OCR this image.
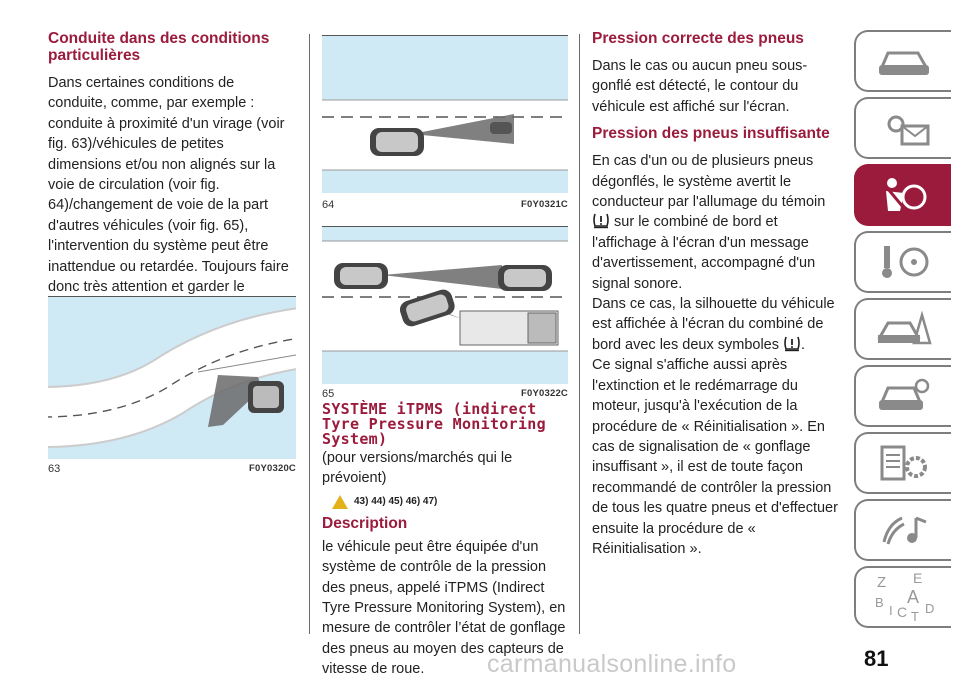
Conduite dans des conditions particulières

Dans certaines conditions de conduite, comme, par exemple : conduite à proximité d'un virage (voir fig. 63)/véhicules de petites dimensions et/ou non alignés sur la voie de circulation (voir fig. 64)/changement de voie de la part d'autres véhicules (voir fig. 65), l'intervention du système peut être inattendue ou retardée. Toujours faire donc très attention et garder le

63	F0Y0320C
64	F0Y0321C
65	F0Y0322C
SYSTÈME iTPMS (indirect Tyre Pressure Monitoring System)

(pour versions/marchés qui le prévoient)

43) 44) 45) 46) 47)
Description

le véhicule peut être équipée d'un système de contrôle de la pression des pneus, appelé iTPMS (Indirect Tyre Pressure Monitoring System), en mesure de contrôler l’état de gonflage des pneus au moyen des capteurs de vitesse de roue.

Pression correcte des pneus

Dans le cas ou aucun pneu sous-gonflé est détecté, le contour du véhicule est affiché sur l'écran.

Pression des pneus insuffisante

En cas d'un ou de plusieurs pneus dégonflés, le système avertit le conducteur par l'allumage du témoin  sur le combiné de bord et l'affichage à l'écran d'un message d'avertissement, accompagné d'un signal sonore.
Dans ce cas, la silhouette du véhicule est affichée à l'écran du combiné de bord avec les deux symboles .
Ce signal s'affiche aussi après l'extinction et le redémarrage du moteur, jusqu'à l'exécution de la procédure de « Réinitialisation ». En cas de signalisation de « gonflage insuffisant », il est de toute façon recommandé de contrôler la pression de tous les quatre pneus et d'effectuer ensuite la procédure de « Réinitialisation ».

Z E
A
B
I C T
D
81
carmanualsonline.info
